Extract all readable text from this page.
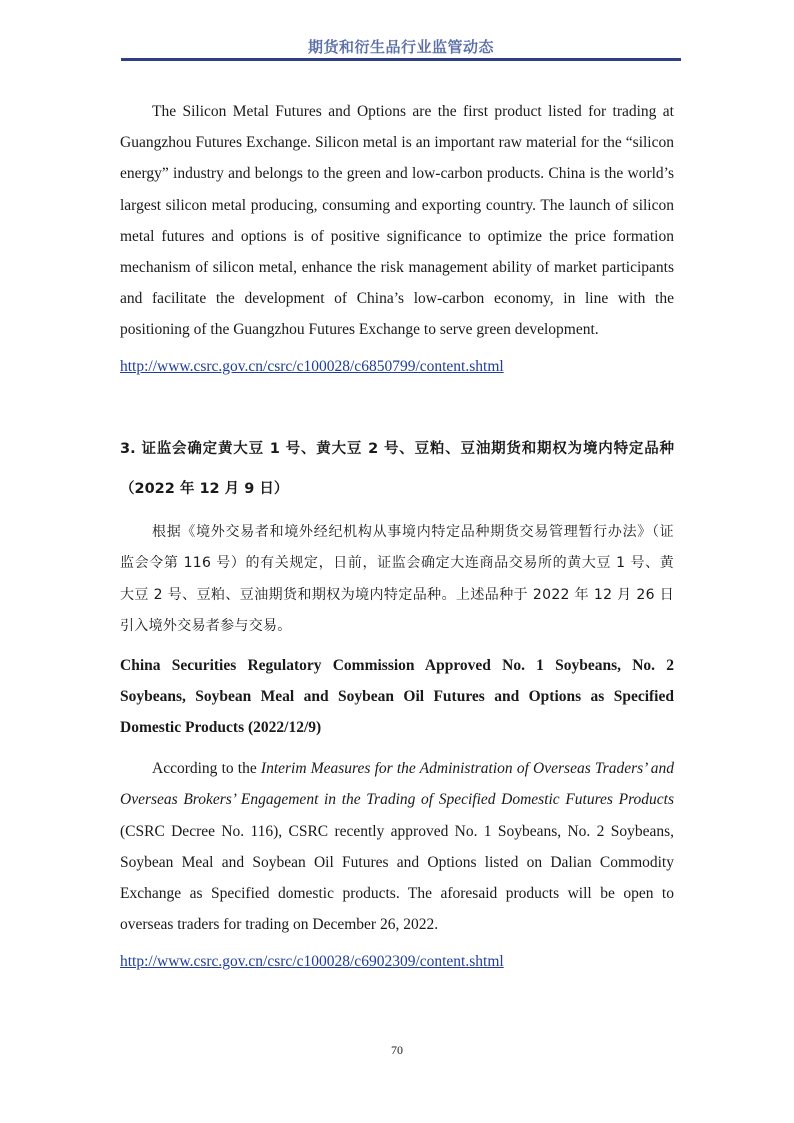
期货和衍生品行业监管动态

The Silicon Metal Futures and Options are the first product listed for trading at Guangzhou Futures Exchange. Silicon metal is an important raw material for the “silicon energy” industry and belongs to the green and low-carbon products. China is the world’s largest silicon metal producing, consuming and exporting country. The launch of silicon metal futures and options is of positive significance to optimize the price formation mechanism of silicon metal, enhance the risk management ability of market participants and facilitate the development of China’s low-carbon economy, in line with the positioning of the Guangzhou Futures Exchange to serve green development.

http://www.csrc.gov.cn/csrc/c100028/c6850799/content.shtml

3. 证监会确定黄大豆 1 号、黄大豆 2 号、豆粕、豆油期货和期权为境内特定品种（2022 年 12 月 9 日）

根据《境外交易者和境外经纪机构从事境内特定品种期货交易管理暂行办法》（证监会令第 116 号）的有关规定，日前，证监会确定大连商品交易所的黄大豆 1 号、黄大豆 2 号、豆粕、豆油期货和期权为境内特定品种。上述品种于 2022 年 12 月 26 日引入境外交易者参与交易。

China Securities Regulatory Commission Approved No. 1 Soybeans, No. 2 Soybeans, Soybean Meal and Soybean Oil Futures and Options as Specified Domestic Products (2022/12/9)

According to the Interim Measures for the Administration of Overseas Traders’ and Overseas Brokers’ Engagement in the Trading of Specified Domestic Futures Products (CSRC Decree No. 116), CSRC recently approved No. 1 Soybeans, No. 2 Soybeans, Soybean Meal and Soybean Oil Futures and Options listed on Dalian Commodity Exchange as Specified domestic products. The aforesaid products will be open to overseas traders for trading on December 26, 2022.

http://www.csrc.gov.cn/csrc/c100028/c6902309/content.shtml
70
